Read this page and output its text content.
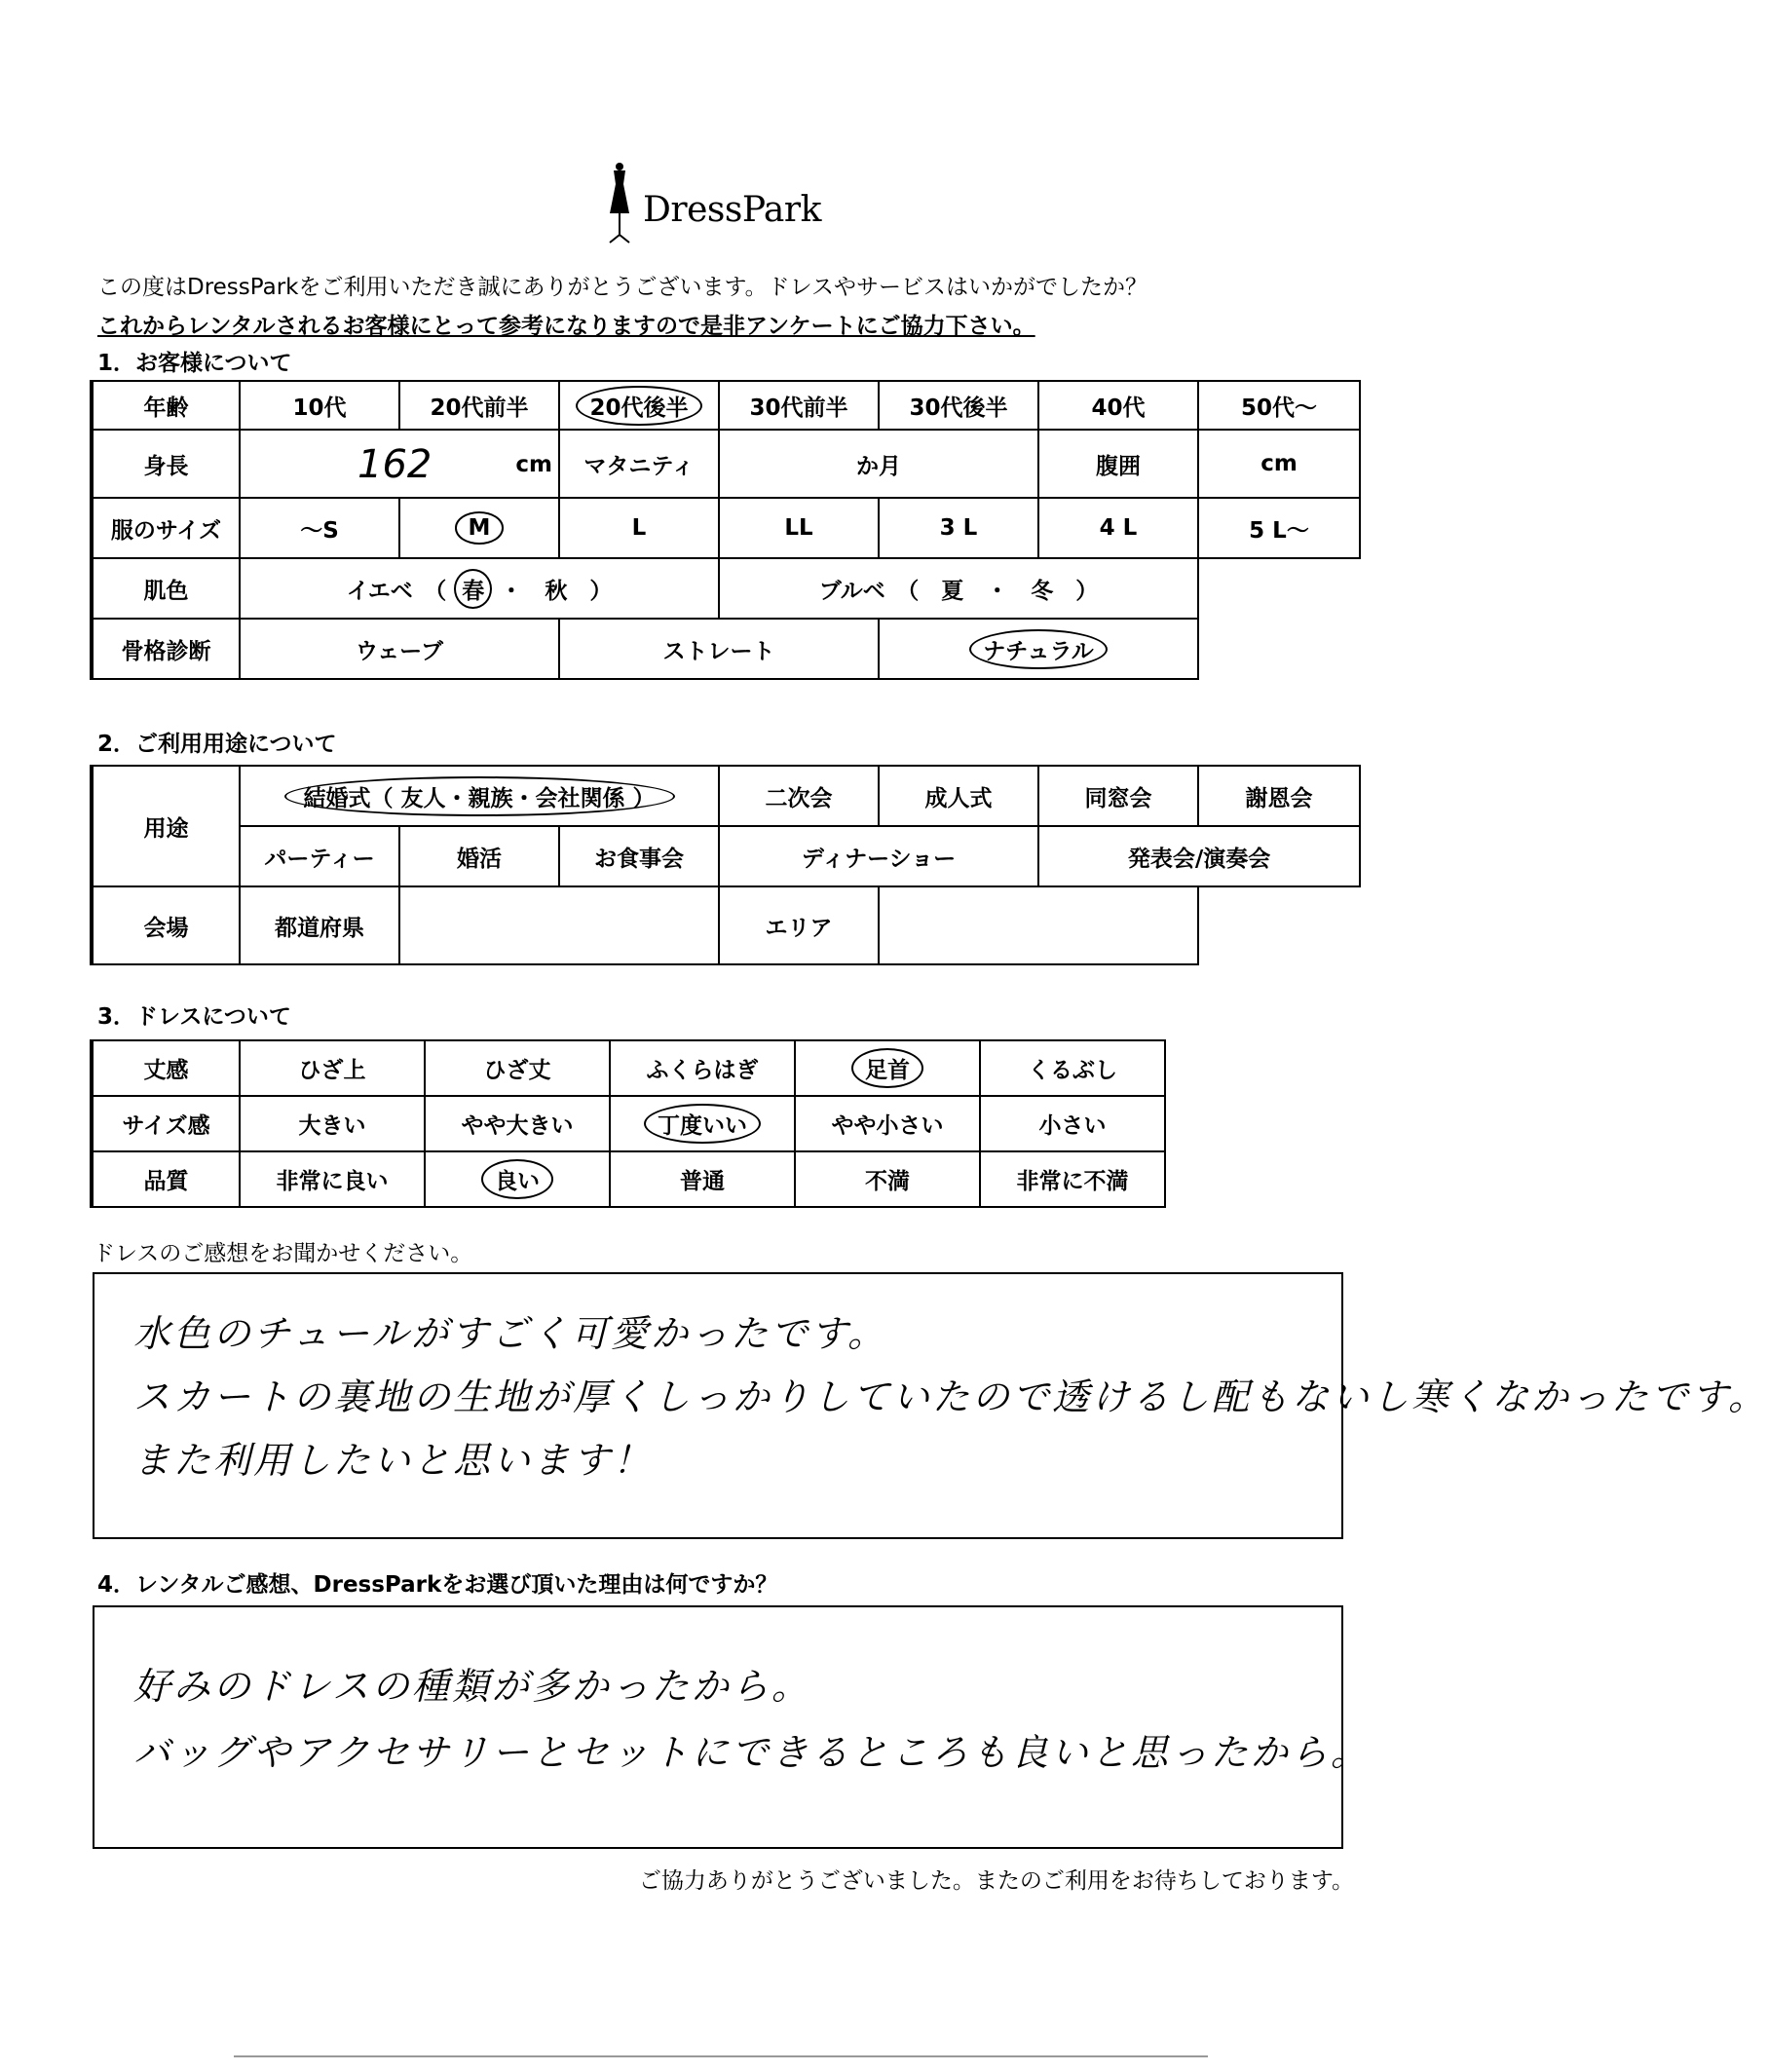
DressPark
この度はDressParkをご利用いただき誠にありがとうございます。ドレスやサービスはいかがでしたか？
これからレンタルされるお客様にとって参考になりますので是非アンケートにご協力下さい。
1．お客様について
年齢	10代	20代前半	20代後半	30代前半	30代後半	40代	50代～
身長	162 cm		マタニティ	か月		腹囲	cm
服のサイズ	～S	M	L	LL	3 L	4 L	5 L～
肌色	イエベ　（ 春 ・　秋　）			ブルベ　（　夏　・　冬　）			
骨格診断	ウェーブ		ストレート		ナチュラル		
2．ご利用用途について
用途	結婚式（ 友人・親族・会社関係 ）			二次会	成人式	同窓会	謝恩会
	パーティー	婚活	お食事会	ディナーショー		発表会/演奏会	
会場	都道府県			エリア			
3．ドレスについて
丈感	ひざ上	ひざ丈	ふくらはぎ	足首	くるぶし
サイズ感	大きい	やや大きい	丁度いい	やや小さい	小さい
品質	非常に良い	良い	普通	不満	非常に不満
ドレスのご感想をお聞かせください。
水色のチュールがすごく可愛かったです。
スカートの裏地の生地が厚くしっかりしていたので透けるし配もないし寒くなかったです。
また利用したいと思います！
4．レンタルご感想、DressParkをお選び頂いた理由は何ですか？
好みのドレスの種類が多かったから。
バッグやアクセサリーとセットにできるところも良いと思ったから。
ご協力ありがとうございました。またのご利用をお待ちしております。
